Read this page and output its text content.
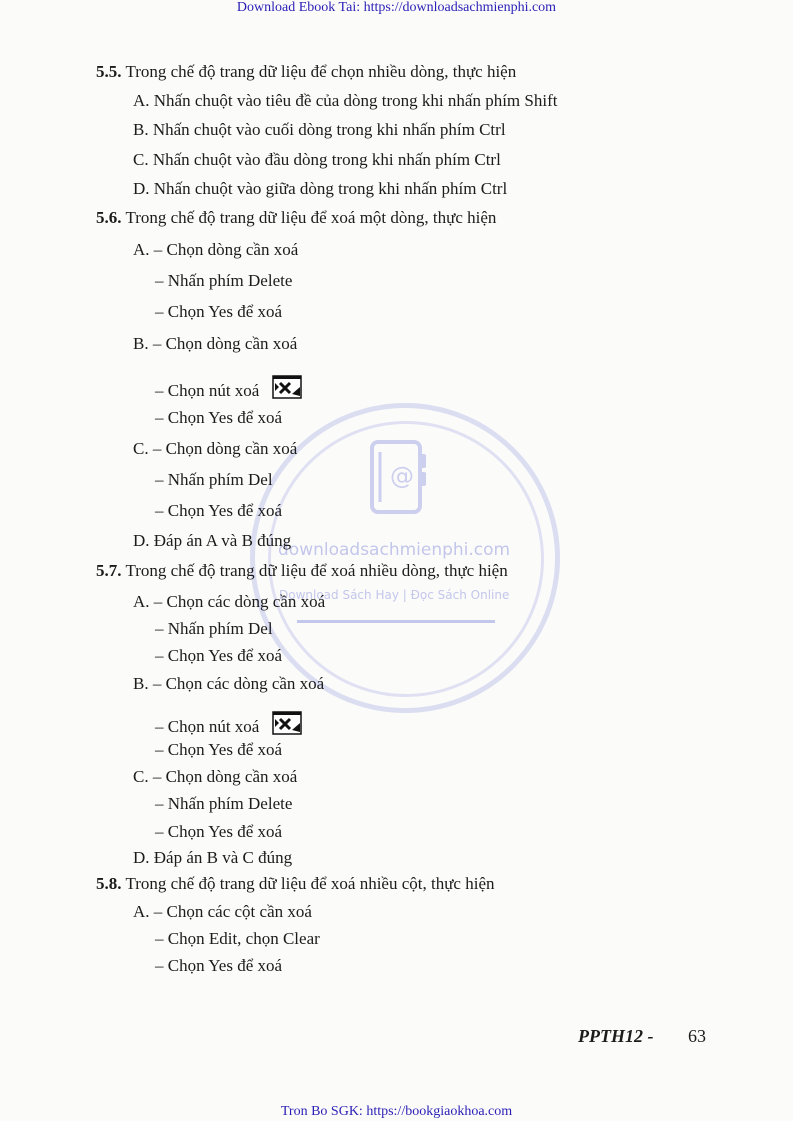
@
downloadsachmienphi.com
Download Sách Hay | Đọc Sách Online
Download Ebook Tai: https://downloadsachmienphi.com
Tron Bo SGK: https://bookgiaokhoa.com
5.5. Trong chế độ trang dữ liệu để chọn nhiều dòng, thực hiện
A. Nhấn chuột vào tiêu đề của dòng trong khi nhấn phím Shift
B. Nhấn chuột vào cuối dòng trong khi nhấn phím Ctrl
C. Nhấn chuột vào đầu dòng trong khi nhấn phím Ctrl
D. Nhấn chuột vào giữa dòng trong khi nhấn phím Ctrl
5.6. Trong chế độ trang dữ liệu để xoá một dòng, thực hiện
A. – Chọn dòng cần xoá
– Nhấn phím Delete
– Chọn Yes để xoá
B. – Chọn dòng cần xoá
– Chọn nút xoá
– Chọn Yes để xoá
C. – Chọn dòng cần xoá
– Nhấn phím Del
– Chọn Yes để xoá
D. Đáp án A và B đúng
5.7. Trong chế độ trang dữ liệu để xoá nhiều dòng, thực hiện
A. – Chọn các dòng cần xoá
– Nhấn phím Del
– Chọn Yes để xoá
B. – Chọn các dòng cần xoá
– Chọn nút xoá
– Chọn Yes để xoá
C. – Chọn dòng cần xoá
– Nhấn phím Delete
– Chọn Yes để xoá
D. Đáp án B và C đúng
5.8. Trong chế độ trang dữ liệu để xoá nhiều cột, thực hiện
A. – Chọn các cột cần xoá
– Chọn Edit, chọn Clear
– Chọn Yes để xoá
PPTH12 - 63
